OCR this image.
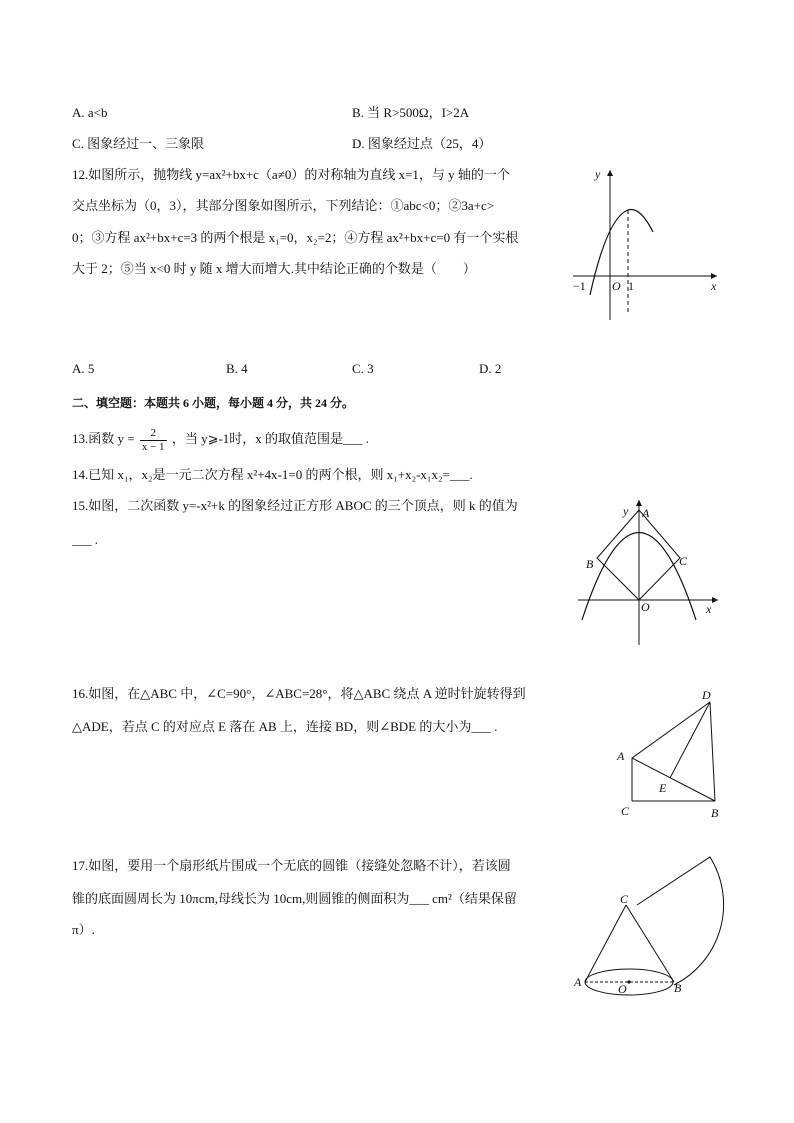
A. a<b	B. 当 R>500Ω，I>2A
C. 图象经过一、三象限	D. 图象经过点（25，4）
12.如图所示，抛物线 y=ax²+bx+c（a≠0）的对称轴为直线 x=1，与 y 轴的一个
交点坐标为（0，3），其部分图象如图所示，下列结论：①abc<0；②3a+c>
0；③方程 ax²+bx+c=3 的两个根是 x₁=0，x₂=2；④方程 ax²+bx+c=0 有一个实根
大于 2；⑤当 x<0 时 y 随 x 增大而增大.其中结论正确的个数是（　　）
y
x
−1 O 1
A. 5	B. 4	C. 3	D. 2
二、填空题：本题共 6 小题，每小题 4 分，共 24 分。
13.函数 $y = \frac{2}{x - 1}$ ，当 y⩾-1时，x 的取值范围是___ .
14.已知 x₁，x₂是一元二次方程 x²+4x-1=0 的两个根，则 x₁+x₂-x₁x₂=___.
15.如图，二次函数 y=-x²+k 的图象经过正方形 ABOC 的三个顶点，则 k 的值为
___ .
y A
B	C
O	x
16.如图，在△ABC 中，∠C=90°，∠ABC=28°，将△ABC 绕点 A 逆时针旋转得到
△ADE，若点 C 的对应点 E 落在 AB 上，连接 BD，则∠BDE 的大小为___ .
D
A
E
C	B
17.如图，要用一个扇形纸片围成一个无底的圆锥（接缝处忽略不计），若该圆
锥的底面圆周长为 10πcm,母线长为 10cm,则圆锥的侧面积为___ cm²（结果保留
π）.
C
A	O	B
